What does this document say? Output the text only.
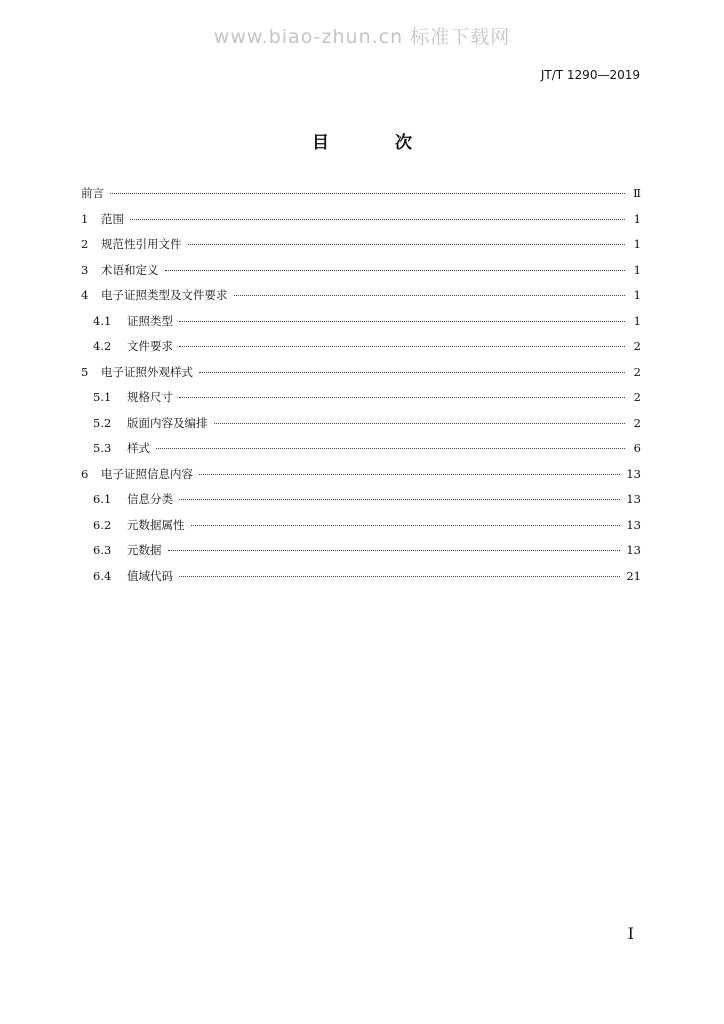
www.biao-zhun.cn 标准下载网
JT/T 1290—2019
目 次
前言	Ⅱ
1	范围	1
2	规范性引用文件	1
3	术语和定义	1
4	电子证照类型及文件要求	1
4.1	证照类型	1
4.2	文件要求	2
5	电子证照外观样式	2
5.1	规格尺寸	2
5.2	版面内容及编排	2
5.3	样式	6
6	电子证照信息内容	13
6.1	信息分类	13
6.2	元数据属性	13
6.3	元数据	13
6.4	值域代码	21
I
